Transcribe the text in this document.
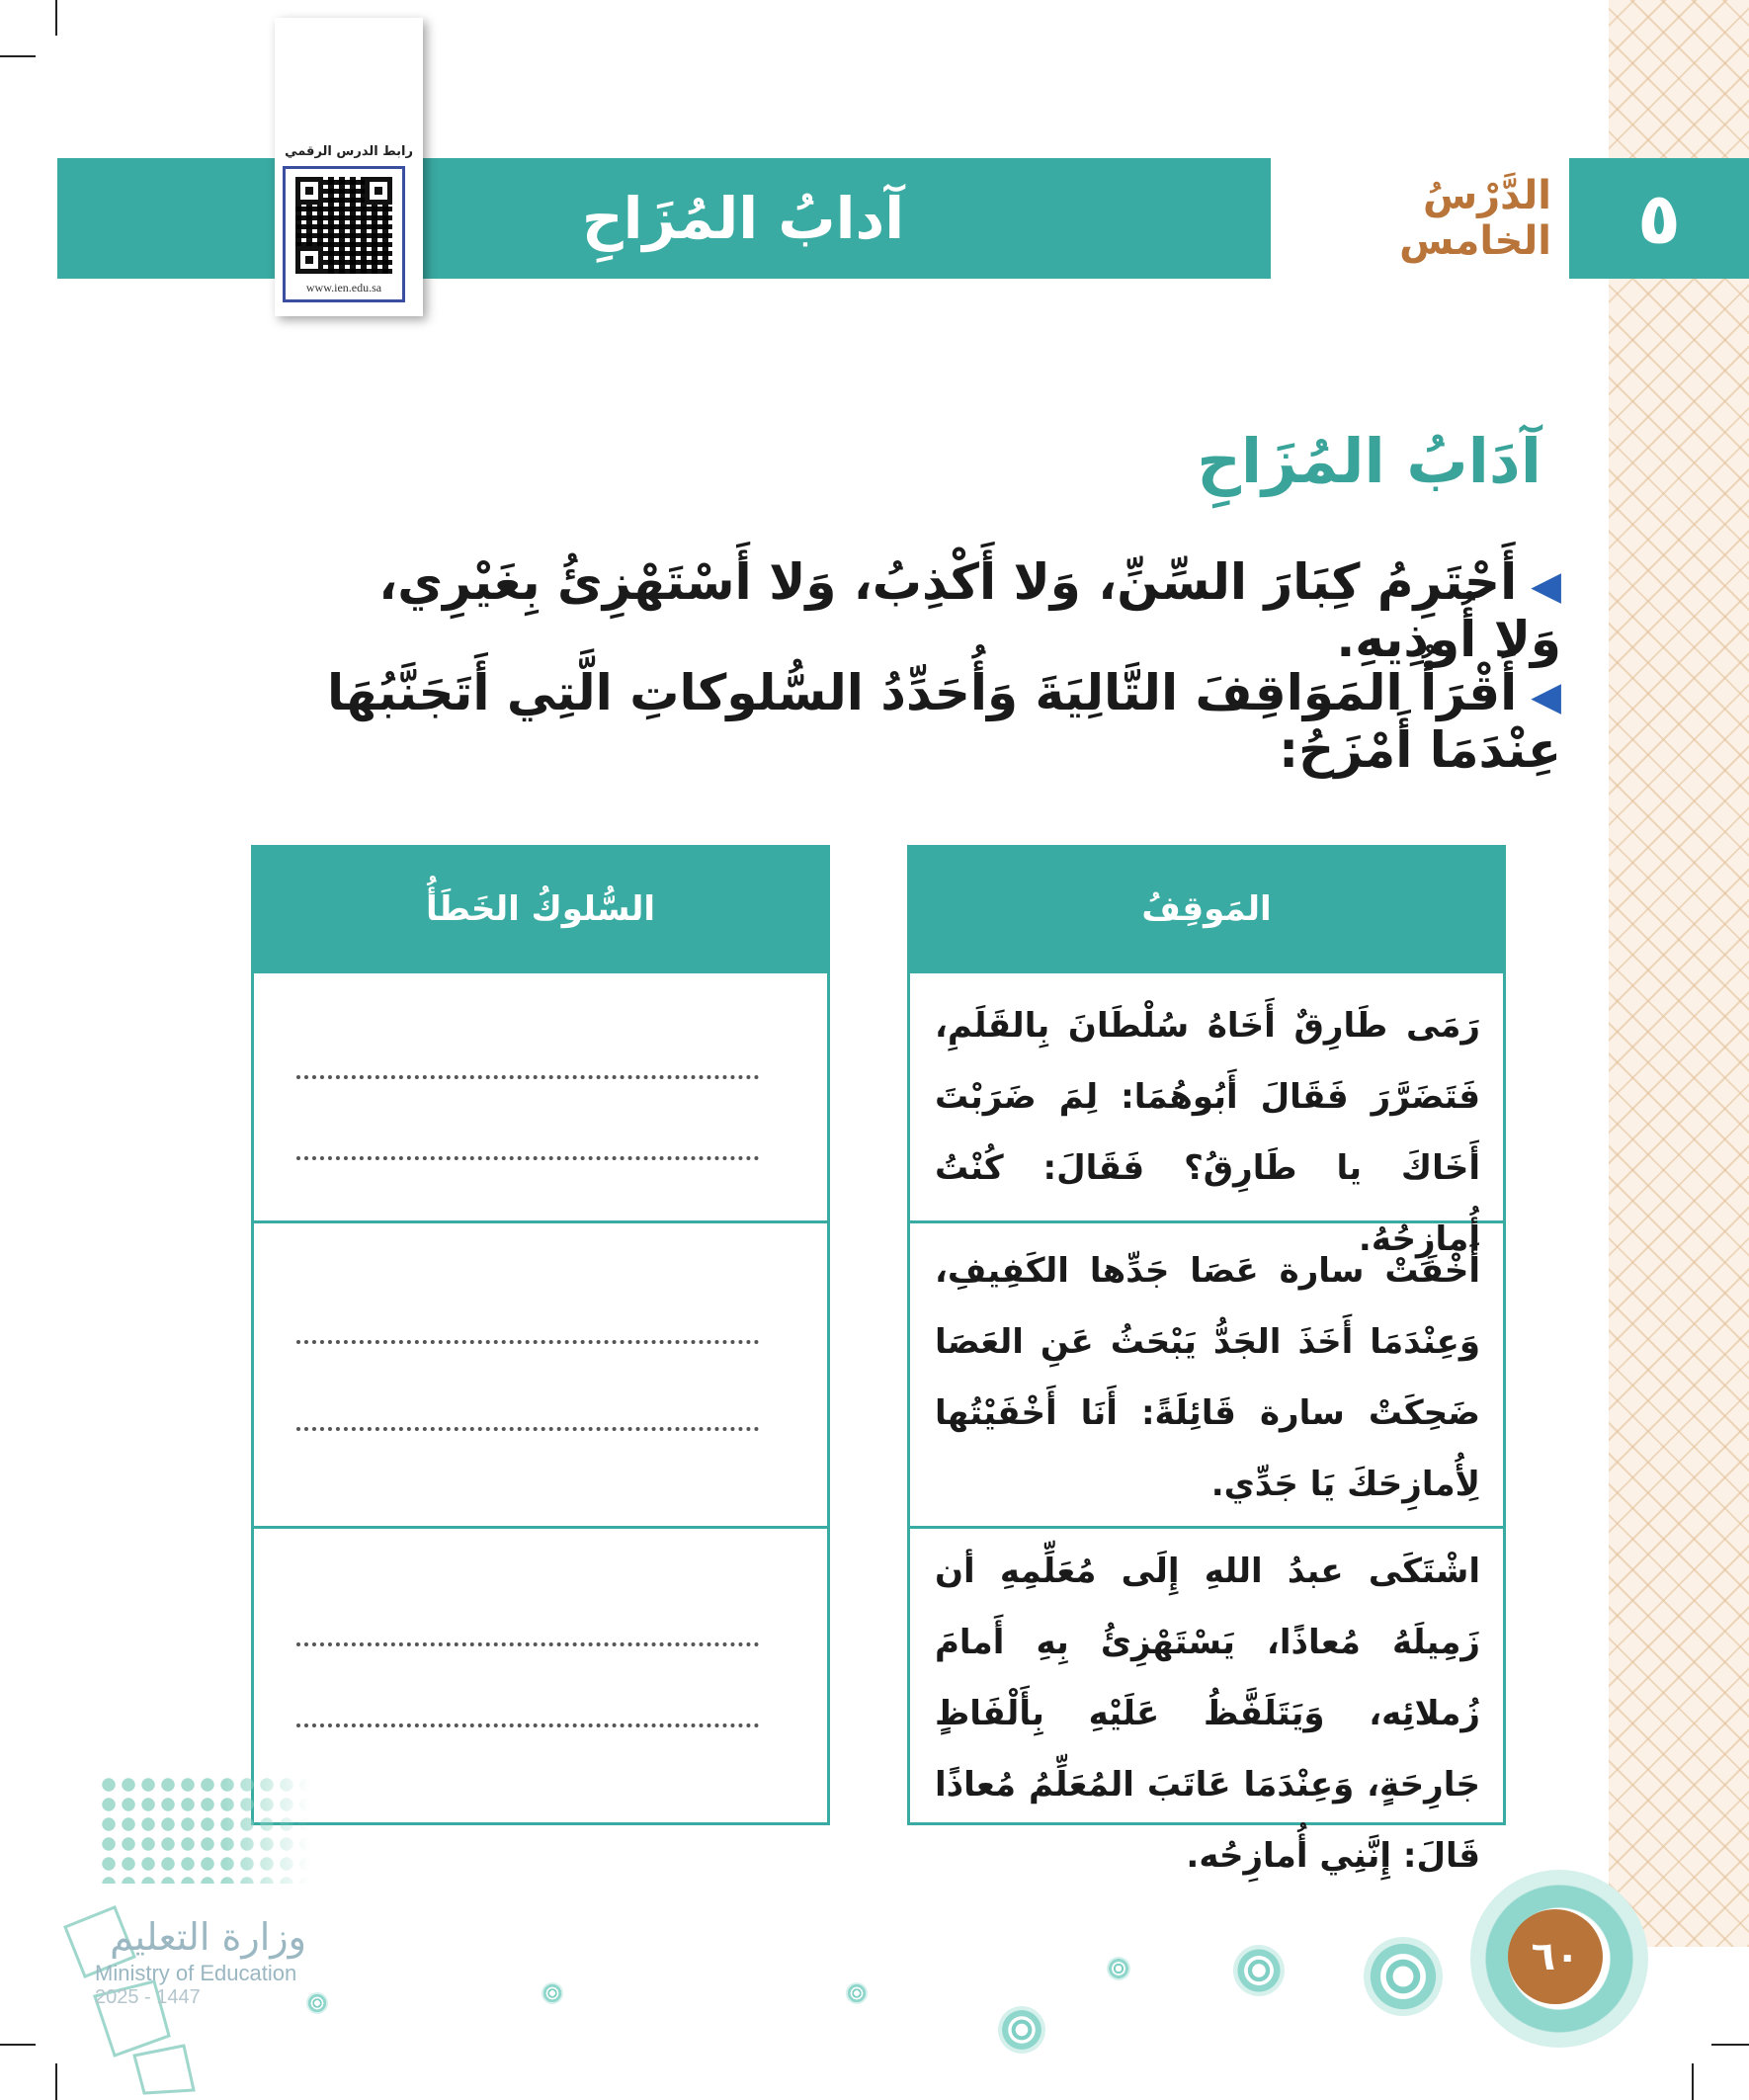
آدابُ المُزَاحِ	الدَّرْسُ الخامس	٥
رابط الدرس الرقمي
www.ien.edu.sa
آدَابُ المُزَاحِ
◀أَحْتَرِمُ كِبَارَ السِّنِّ، وَلا أَكْذِبُ، وَلا أَسْتَهْزِئُ بِغَيْرِي، وَلا أُوذِيهِ.
◀أَقْرَأُ المَوَاقِفَ التَّالِيَةَ وَأُحَدِّدُ السُّلوكاتِ الَّتِي أَتَجَنَّبُهَا عِنْدَمَا أَمْزَحُ:
المَوقِفُ
رَمَى طَارِقٌ أَخَاهُ سُلْطَانَ بِالقَلَمِ، فَتَضَرَّرَ فَقَالَ أَبُوهُمَا: لِمَ ضَرَبْتَ أَخَاكَ يا طَارِقُ؟ فَقَالَ: كُنْتُ أُمازِحُهُ.
أَخْفَتْ سارة عَصَا جَدِّها الكَفِيفِ، وَعِنْدَمَا أَخَذَ الجَدُّ يَبْحَثُ عَنِ العَصَا ضَحِكَتْ سارة قَائِلَةً: أَنَا أَخْفَيْتُها لِأُمازِحَكَ يَا جَدِّي.
اشْتَكَى عبدُ اللهِ إِلَى مُعَلِّمِهِ أن زَمِيلَهُ مُعاذًا، يَسْتَهْزِئُ بِهِ أَمامَ زُملائِه، وَيَتَلَفَّظُ عَلَيْهِ بِأَلْفَاظٍ جَارِحَةٍ، وَعِنْدَمَا عَاتَبَ المُعَلِّمُ مُعاذًا قَالَ: إِنَّنِي أُمازِحُه.
السُّلوكُ الخَطَأُ
٦٠
وزارة التعليم
Ministry of Education
2025 - 1447
